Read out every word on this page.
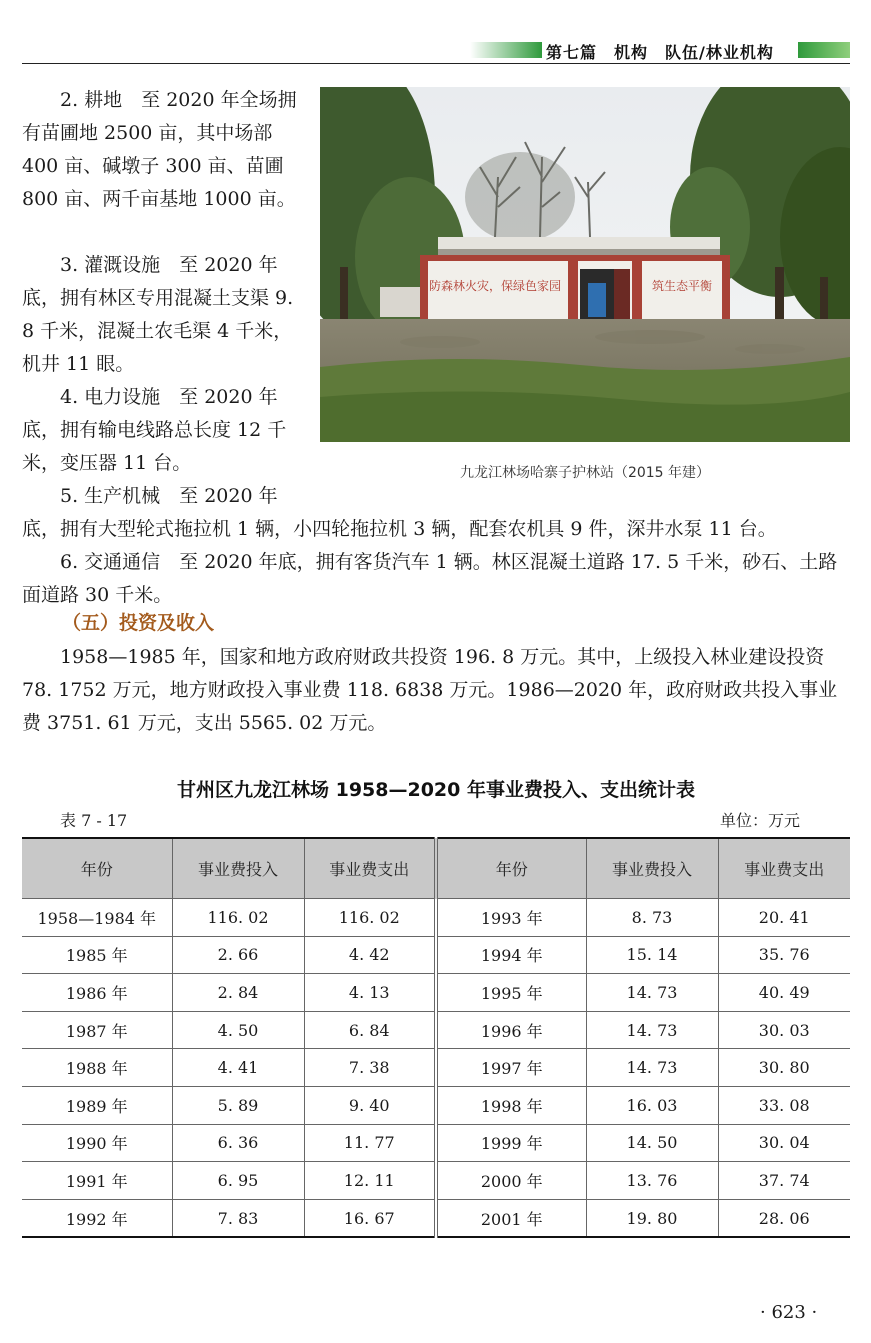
第七篇　机构　队伍/林业机构

2. 耕地　至 2020 年全场拥有苗圃地 2500 亩，其中场部 400 亩、碱墩子 300 亩、苗圃 800 亩、两千亩基地 1000 亩。

3. 灌溉设施　至 2020 年底，拥有林区专用混凝土支渠 9. 8 千米，混凝土农毛渠 4 千米，机井 11 眼。

4. 电力设施　至 2020 年底，拥有输电线路总长度 12 千米，变压器 11 台。

5. 生产机械　至 2020 年

防森林火灾，保绿色家园	筑生态平衡
九龙江林场哈寨子护林站（2015 年建）

底，拥有大型轮式拖拉机 1 辆，小四轮拖拉机 3 辆，配套农机具 9 件，深井水泵 11 台。

6. 交通通信　至 2020 年底，拥有客货汽车 1 辆。林区混凝土道路 17. 5 千米，砂石、土路面道路 30 千米。

（五）投资及收入

1958—1985 年，国家和地方政府财政共投资 196. 8 万元。其中，上级投入林业建设投资 78. 1752 万元，地方财政投入事业费 118. 6838 万元。1986—2020 年，政府财政共投入事业费 3751. 61 万元，支出 5565. 02 万元。

甘州区九龙江林场 1958—2020 年事业费投入、支出统计表
表 7 - 17	单位：万元
年份	事业费投入	事业费支出	年份	事业费投入	事业费支出
1958—1984 年	116. 02	116. 02	1993 年	8. 73	20. 41
1985 年	2. 66	4. 42	1994 年	15. 14	35. 76
1986 年	2. 84	4. 13	1995 年	14. 73	40. 49
1987 年	4. 50	6. 84	1996 年	14. 73	30. 03
1988 年	4. 41	7. 38	1997 年	14. 73	30. 80
1989 年	5. 89	9. 40	1998 年	16. 03	33. 08
1990 年	6. 36	11. 77	1999 年	14. 50	30. 04
1991 年	6. 95	12. 11	2000 年	13. 76	37. 74
1992 年	7. 83	16. 67	2001 年	19. 80	28. 06
· 623 ·
